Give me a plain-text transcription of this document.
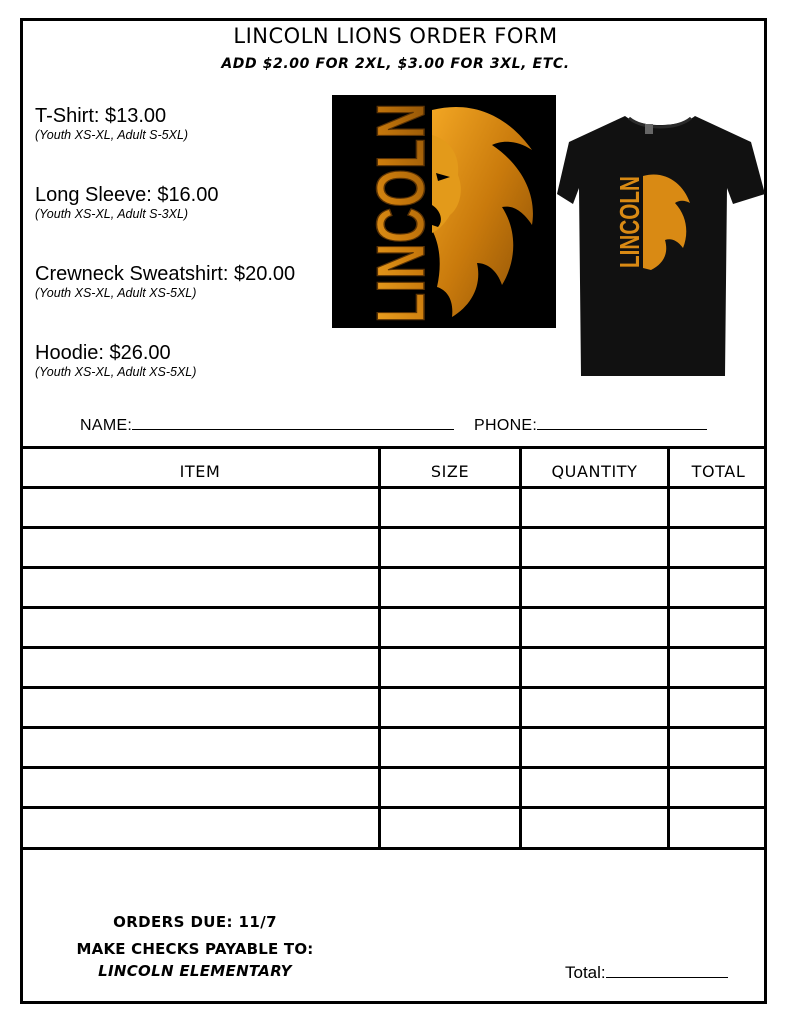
LINCOLN LIONS ORDER FORM
ADD $2.00 FOR 2XL, $3.00 FOR 3XL, ETC.
T-Shirt: $13.00
(Youth XS-XL, Adult S-5XL)
Long Sleeve: $16.00
(Youth XS-XL, Adult S-3XL)
Crewneck Sweatshirt: $20.00
(Youth XS-XL, Adult XS-5XL)
Hoodie: $26.00
(Youth XS-XL, Adult XS-5XL)
LINCOLN	LINCOLN
NAME:	PHONE:
ITEM	SIZE	QUANTITY	TOTAL
ORDERS DUE: 11/7
MAKE CHECKS PAYABLE TO:
LINCOLN ELEMENTARY	Total:
